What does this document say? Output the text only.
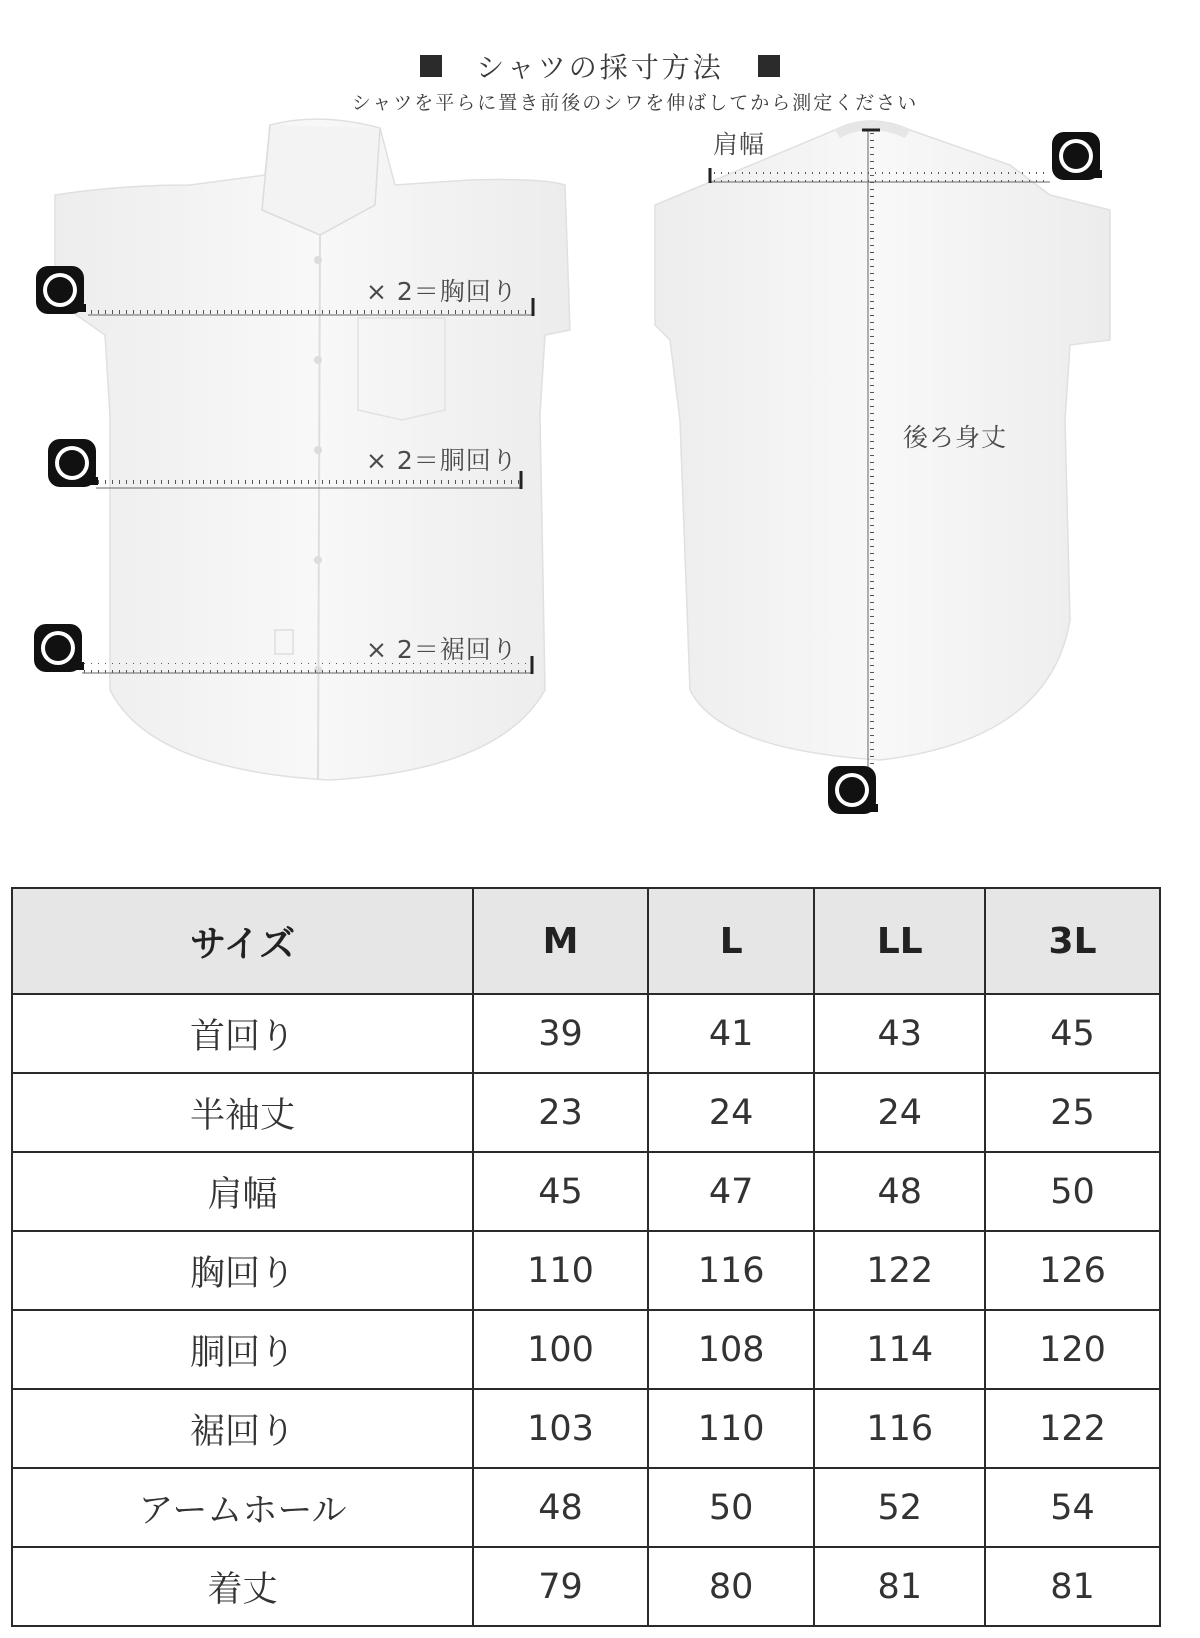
シャツの採寸方法
シャツを平らに置き前後のシワを伸ばしてから測定ください
× 2＝胸回り
× 2＝胴回り
× 2＝裾回り
肩幅
後ろ身丈
サイズ	M	L	LL	3L
首回り	39	41	43	45
半袖丈	23	24	24	25
肩幅	45	47	48	50
胸回り	110	116	122	126
胴回り	100	108	114	120
裾回り	103	110	116	122
アームホール	48	50	52	54
着丈	79	80	81	81
